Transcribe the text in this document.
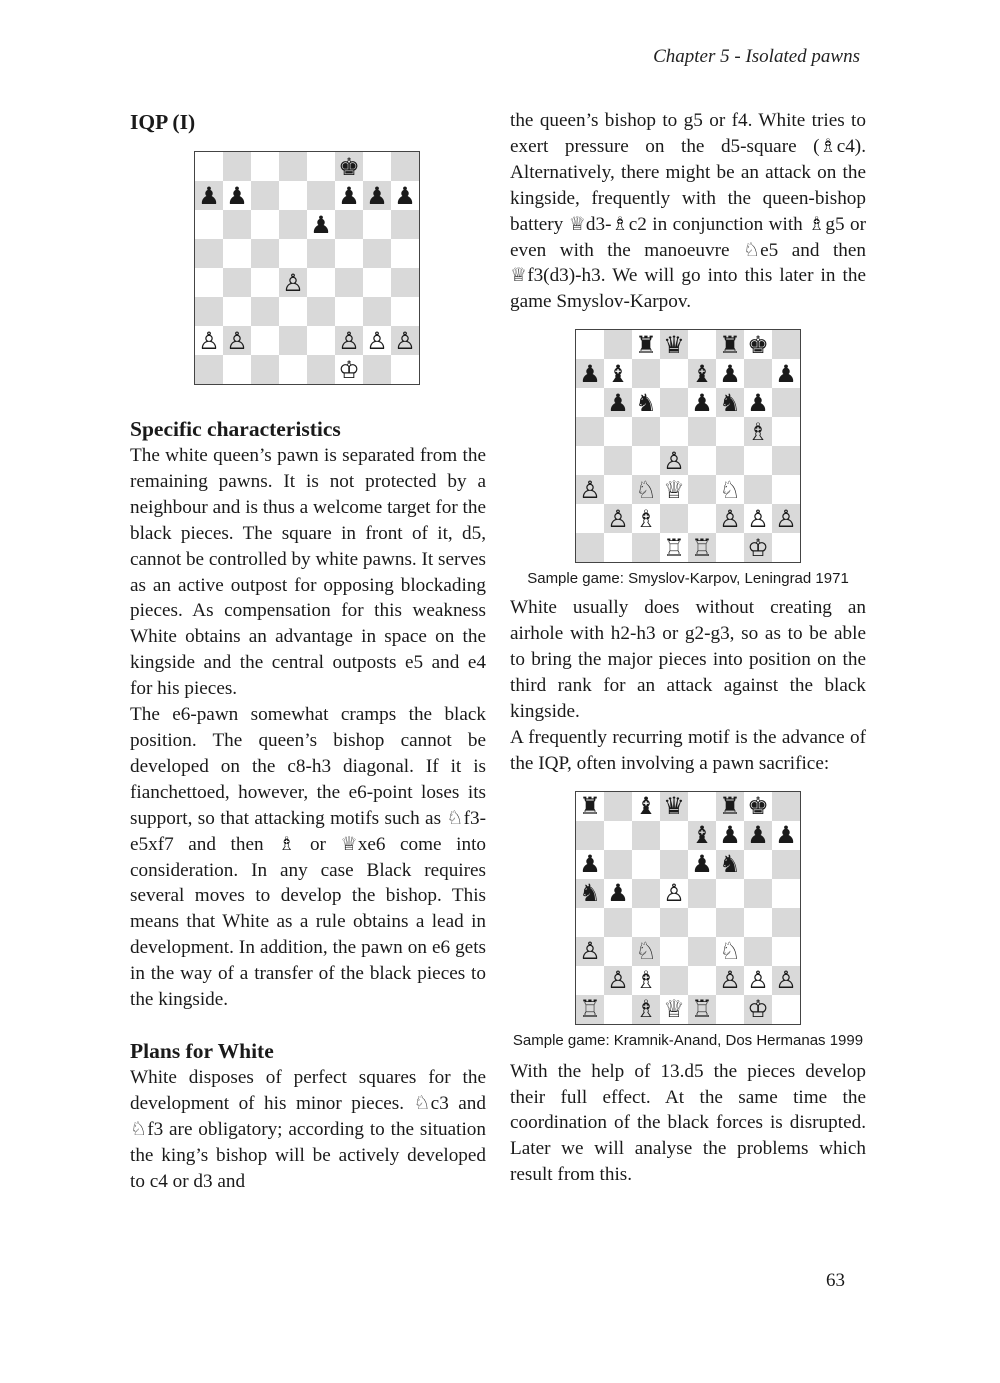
Chapter 5 - Isolated pawns
IQP (I)
♚
♟ ♟	♟ ♟ ♟
♟
♙
♙ ♙	♙ ♙ ♙
♔
Specific characteristics

The white queen’s pawn is separated from the remaining pawns. It is not protected by a neighbour and is thus a welcome target for the black pieces. The square in front of it, d5, cannot be controlled by white pawns. It serves as an active outpost for opposing blockading pieces. As compensation for this weakness White obtains an advantage in space on the kingside and the central outposts e5 and e4 for his pieces.

The e6-pawn somewhat cramps the black position. The queen’s bishop cannot be developed on the c8-h3 diagonal. If it is fianchettoed, however, the e6-point loses its support, so that attacking motifs such as ♘f3-e5xf7 and then ♗ or ♕xe6 come into consideration. In any case Black requires several moves to develop the bishop. This means that White as a rule obtains a lead in development. In addition, the pawn on e6 gets in the way of a transfer of the black pieces to the kingside.

Plans for White

White disposes of perfect squares for the development of his minor pieces. ♘c3 and ♘f3 are obligatory; according to the situation the king’s bishop will be actively developed to c4 or d3 and

the queen’s bishop to g5 or f4. White tries to exert pressure on the d5-square (♗c4). Alternatively, there might be an attack on the kingside, frequently with the queen-bishop battery ♕d3-♗c2 in conjunction with ♗g5 or even with the manoeuvre ♘e5 and then ♕f3(d3)-h3. We will go into this later in the game Smyslov-Karpov.

♜ ♛ ♜ ♚
♟ ♝	♝ ♟ ♟
♟ ♞ ♟ ♞ ♟
♗
♙
♙ ♘ ♕ ♘
♙ ♗	♙ ♙ ♙
♖ ♖ ♔
Sample game: Smyslov-Karpov, Leningrad 1971

White usually does without creating an airhole with h2-h3 or g2-g3, so as to be able to bring the major pieces into position on the third rank for an attack against the black kingside.

A frequently recurring motif is the advance of the IQP, often involving a pawn sacrifice:

♜ ♝ ♛ ♜ ♚
♝ ♟ ♟ ♟
♟	♟ ♞
♞ ♟ ♙
♙ ♘	♘
♙ ♗	♙ ♙ ♙
♖ ♗ ♕ ♖ ♔
Sample game: Kramnik-Anand, Dos Hermanas 1999

With the help of 13.d5 the pieces develop their full effect. At the same time the coordination of the black forces is disrupted. Later we will analyse the problems which result from this.

63
